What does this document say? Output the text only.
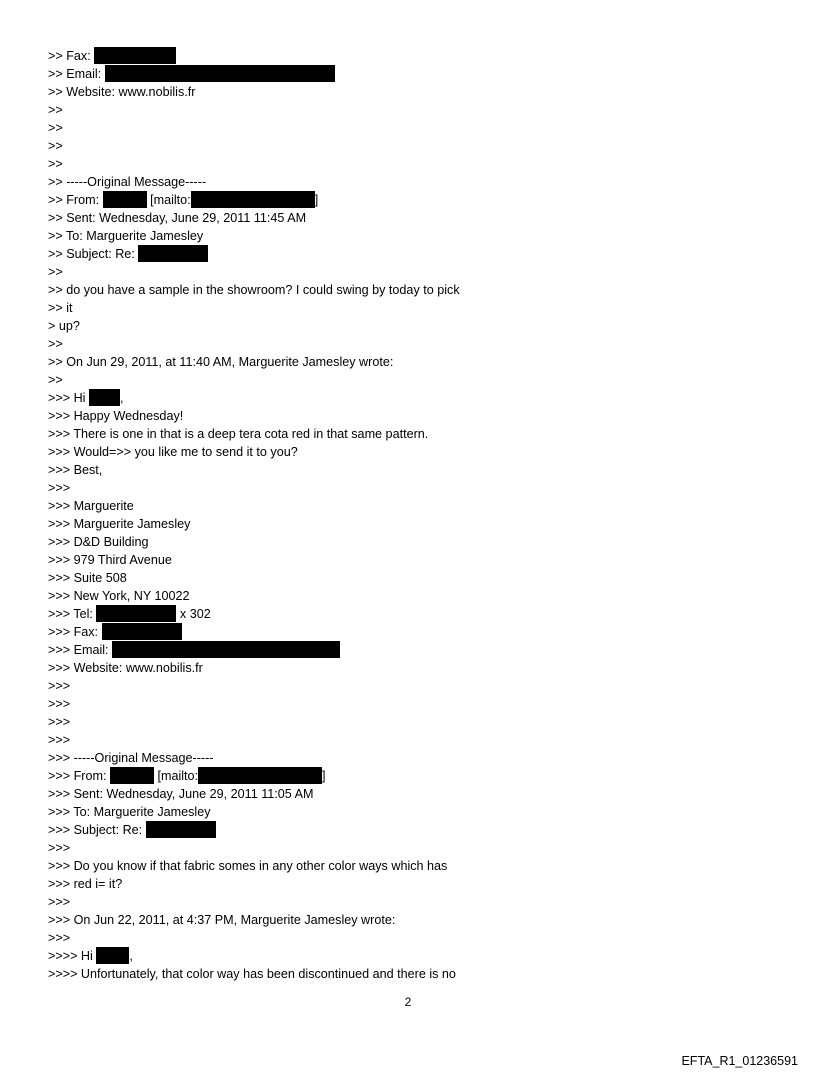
>> Fax:
>> Email:
>> Website: www.nobilis.fr
>>
>>
>>
>>
>> -----Original Message-----
>> From:	[mailto:	]
>> Sent: Wednesday, June 29, 2011 11:45 AM
>> To: Marguerite Jamesley
>> Subject: Re:
>>
>> do you have a sample in the showroom? I could swing by today to pick
>> it
> up?
>>
>> On Jun 29, 2011, at 11:40 AM, Marguerite Jamesley wrote:
>>
>>> Hi ,
>>> Happy Wednesday!
>>> There is one in that is a deep tera cota red in that same pattern.
>>> Would=>> you like me to send it to you?
>>> Best,
>>>
>>> Marguerite
>>> Marguerite Jamesley
>>> D&D Building
>>> 979 Third Avenue
>>> Suite 508
>>> New York, NY 10022
>>> Tel:	x 302
>>> Fax:
>>> Email:
>>> Website: www.nobilis.fr
>>>
>>>
>>>
>>>
>>> -----Original Message-----
>>> From:	[mailto:	]
>>> Sent: Wednesday, June 29, 2011 11:05 AM
>>> To: Marguerite Jamesley
>>> Subject: Re:
>>>
>>> Do you know if that fabric somes in any other color ways which has
>>> red i= it?
>>>
>>> On Jun 22, 2011, at 4:37 PM, Marguerite Jamesley wrote:
>>>
>>>> Hi	,
>>>> Unfortunately, that color way has been discontinued and there is no
2
EFTA_R1_01236591
